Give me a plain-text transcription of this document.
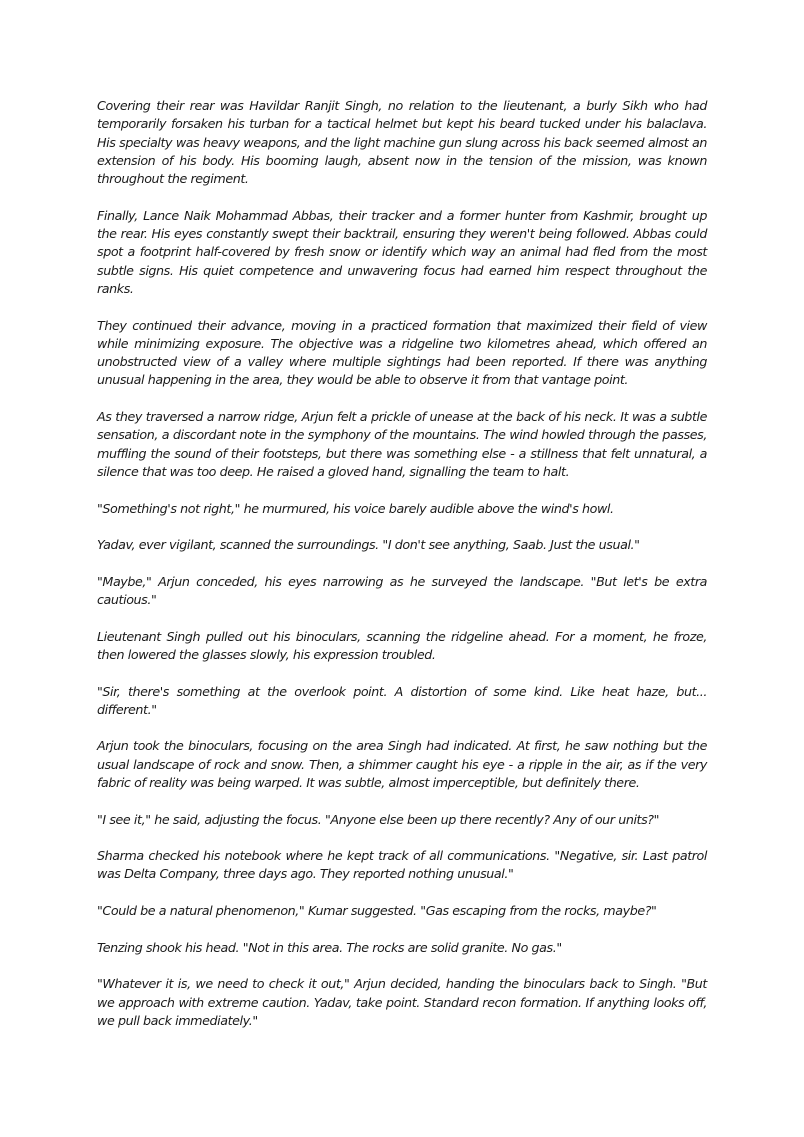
Covering their rear was Havildar Ranjit Singh, no relation to the lieutenant, a burly Sikh who had temporarily forsaken his turban for a tactical helmet but kept his beard tucked under his balaclava. His specialty was heavy weapons, and the light machine gun slung across his back seemed almost an extension of his body. His booming laugh, absent now in the tension of the mission, was known throughout the regiment.

Finally, Lance Naik Mohammad Abbas, their tracker and a former hunter from Kashmir, brought up the rear. His eyes constantly swept their backtrail, ensuring they weren't being followed. Abbas could spot a footprint half-covered by fresh snow or identify which way an animal had fled from the most subtle signs. His quiet competence and unwavering focus had earned him respect throughout the ranks.

They continued their advance, moving in a practiced formation that maximized their field of view while minimizing exposure. The objective was a ridgeline two kilometres ahead, which offered an unobstructed view of a valley where multiple sightings had been reported. If there was anything unusual happening in the area, they would be able to observe it from that vantage point.

As they traversed a narrow ridge, Arjun felt a prickle of unease at the back of his neck. It was a subtle sensation, a discordant note in the symphony of the mountains. The wind howled through the passes, muffling the sound of their footsteps, but there was something else - a stillness that felt unnatural, a silence that was too deep. He raised a gloved hand, signalling the team to halt.

"Something's not right," he murmured, his voice barely audible above the wind's howl.

Yadav, ever vigilant, scanned the surroundings. "I don't see anything, Saab. Just the usual."

"Maybe," Arjun conceded, his eyes narrowing as he surveyed the landscape. "But let's be extra cautious."

Lieutenant Singh pulled out his binoculars, scanning the ridgeline ahead. For a moment, he froze, then lowered the glasses slowly, his expression troubled.

"Sir, there's something at the overlook point. A distortion of some kind. Like heat haze, but... different."

Arjun took the binoculars, focusing on the area Singh had indicated. At first, he saw nothing but the usual landscape of rock and snow. Then, a shimmer caught his eye - a ripple in the air, as if the very fabric of reality was being warped. It was subtle, almost imperceptible, but definitely there.

"I see it," he said, adjusting the focus. "Anyone else been up there recently? Any of our units?"

Sharma checked his notebook where he kept track of all communications. "Negative, sir. Last patrol was Delta Company, three days ago. They reported nothing unusual."

"Could be a natural phenomenon," Kumar suggested. "Gas escaping from the rocks, maybe?"

Tenzing shook his head. "Not in this area. The rocks are solid granite. No gas."

"Whatever it is, we need to check it out," Arjun decided, handing the binoculars back to Singh. "But we approach with extreme caution. Yadav, take point. Standard recon formation. If anything looks off, we pull back immediately."
